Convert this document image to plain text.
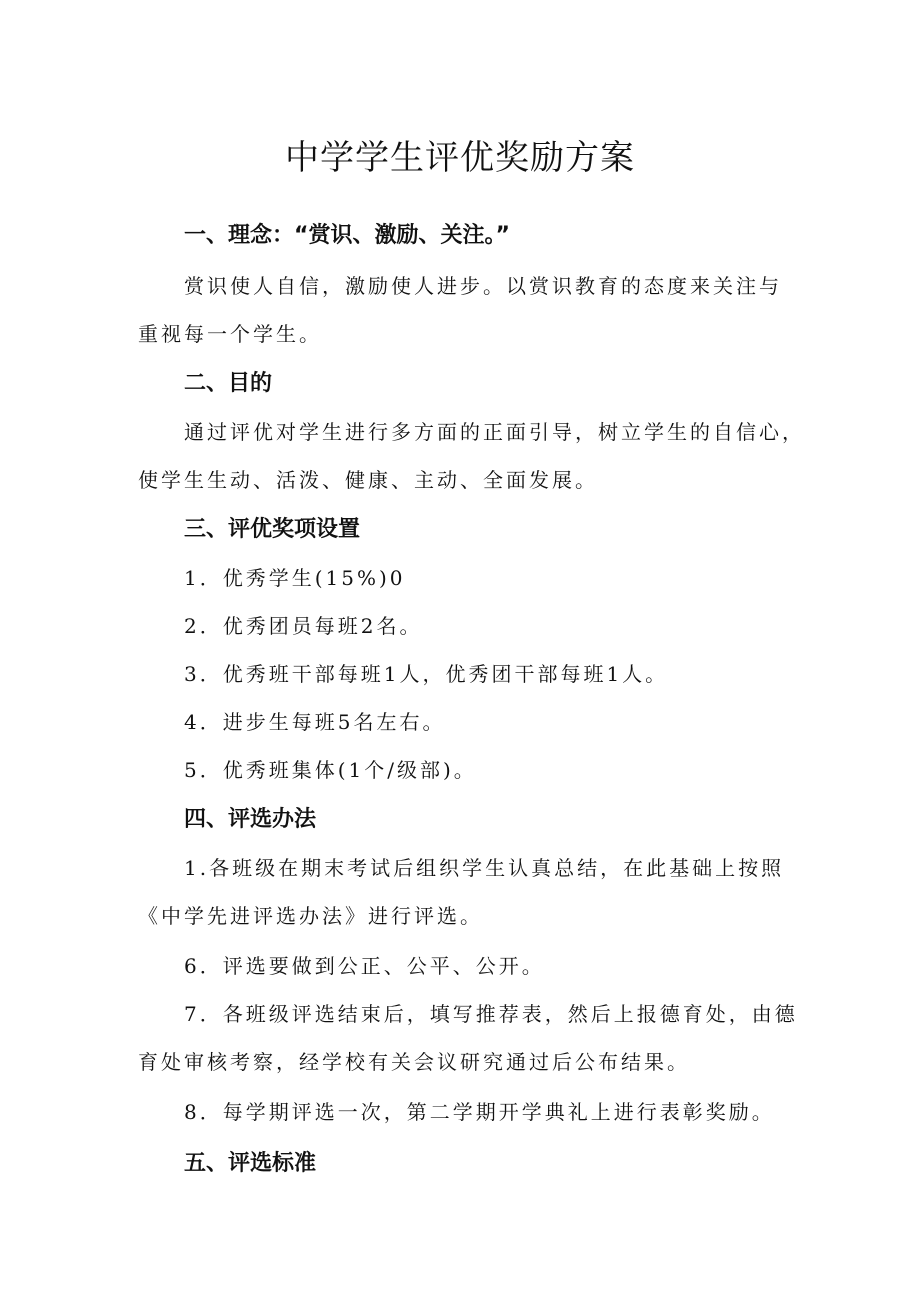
中学学生评优奖励方案
一、理念：“赏识、激励、关注。”

赏识使人自信，激励使人进步。以赏识教育的态度来关注与

重视每一个学生。

二、目的

通过评优对学生进行多方面的正面引导，树立学生的自信心，

使学生生动、活泼、健康、主动、全面发展。

三、评优奖项设置

1．优秀学生(15%)0

2．优秀团员每班2名。

3．优秀班干部每班1人，优秀团干部每班1人。

4．进步生每班5名左右。

5．优秀班集体(1个/级部)。

四、评选办法

1.各班级在期末考试后组织学生认真总结，在此基础上按照

《中学先进评选办法》进行评选。

6．评选要做到公正、公平、公开。

7．各班级评选结束后，填写推荐表，然后上报德育处，由德

育处审核考察，经学校有关会议研究通过后公布结果。

8．每学期评选一次，第二学期开学典礼上进行表彰奖励。

五、评选标准
